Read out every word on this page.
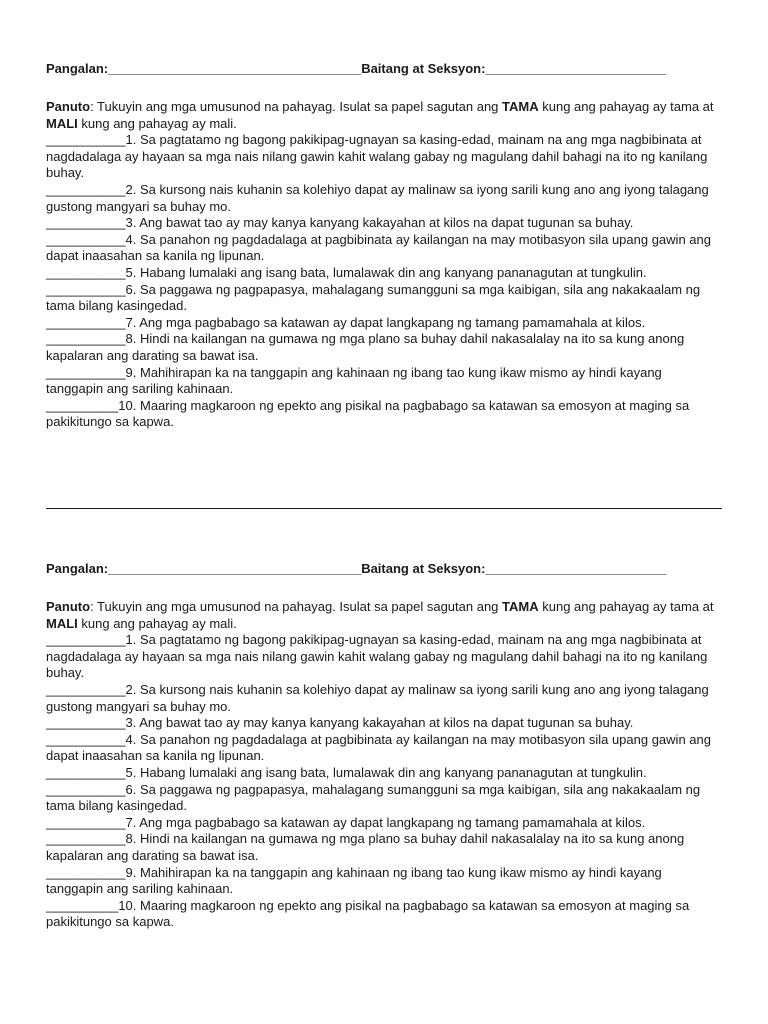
Pangalan:___________________________________Baitang at Seksyon:_________________________

Panuto: Tukuyin ang mga umusunod na pahayag. Isulat sa papel sagutan ang TAMA kung ang pahayag ay tama at MALI kung ang pahayag ay mali.

___________1. Sa pagtatamo ng bagong pakikipag-ugnayan sa kasing-edad, mainam na ang mga nagbibinata at nagdadalaga ay hayaan sa mga nais nilang gawin kahit walang gabay ng magulang dahil bahagi na ito ng kanilang buhay.

___________2. Sa kursong nais kuhanin sa kolehiyo dapat ay malinaw sa iyong sarili kung ano ang iyong talagang gustong mangyari sa buhay mo.

___________3. Ang bawat tao ay may kanya kanyang kakayahan at kilos na dapat tugunan sa buhay.

___________4. Sa panahon ng pagdadalaga at pagbibinata ay kailangan na may motibasyon sila upang gawin ang dapat inaasahan sa kanila ng lipunan.

___________5. Habang lumalaki ang isang bata, lumalawak din ang kanyang pananagutan at tungkulin.

___________6. Sa paggawa ng pagpapasya, mahalagang sumangguni sa mga kaibigan, sila ang nakakaalam ng tama bilang kasingedad.

___________7. Ang mga pagbabago sa katawan ay dapat langkapang ng tamang pamamahala at kilos.

___________8. Hindi na kailangan na gumawa ng mga plano sa buhay dahil nakasalalay na ito sa kung anong kapalaran ang darating sa bawat isa.

___________9. Mahihirapan ka na tanggapin ang kahinaan ng ibang tao kung ikaw mismo ay hindi kayang tanggapin ang sariling kahinaan.

__________10. Maaring magkaroon ng epekto ang pisikal na pagbabago sa katawan sa emosyon at maging sa pakikitungo sa kapwa.

Pangalan:___________________________________Baitang at Seksyon:_________________________

Panuto: Tukuyin ang mga umusunod na pahayag. Isulat sa papel sagutan ang TAMA kung ang pahayag ay tama at MALI kung ang pahayag ay mali.

___________1. Sa pagtatamo ng bagong pakikipag-ugnayan sa kasing-edad, mainam na ang mga nagbibinata at nagdadalaga ay hayaan sa mga nais nilang gawin kahit walang gabay ng magulang dahil bahagi na ito ng kanilang buhay.

___________2. Sa kursong nais kuhanin sa kolehiyo dapat ay malinaw sa iyong sarili kung ano ang iyong talagang gustong mangyari sa buhay mo.

___________3. Ang bawat tao ay may kanya kanyang kakayahan at kilos na dapat tugunan sa buhay.

___________4. Sa panahon ng pagdadalaga at pagbibinata ay kailangan na may motibasyon sila upang gawin ang dapat inaasahan sa kanila ng lipunan.

___________5. Habang lumalaki ang isang bata, lumalawak din ang kanyang pananagutan at tungkulin.

___________6. Sa paggawa ng pagpapasya, mahalagang sumangguni sa mga kaibigan, sila ang nakakaalam ng tama bilang kasingedad.

___________7. Ang mga pagbabago sa katawan ay dapat langkapang ng tamang pamamahala at kilos.

___________8. Hindi na kailangan na gumawa ng mga plano sa buhay dahil nakasalalay na ito sa kung anong kapalaran ang darating sa bawat isa.

___________9. Mahihirapan ka na tanggapin ang kahinaan ng ibang tao kung ikaw mismo ay hindi kayang tanggapin ang sariling kahinaan.

__________10. Maaring magkaroon ng epekto ang pisikal na pagbabago sa katawan sa emosyon at maging sa pakikitungo sa kapwa.
